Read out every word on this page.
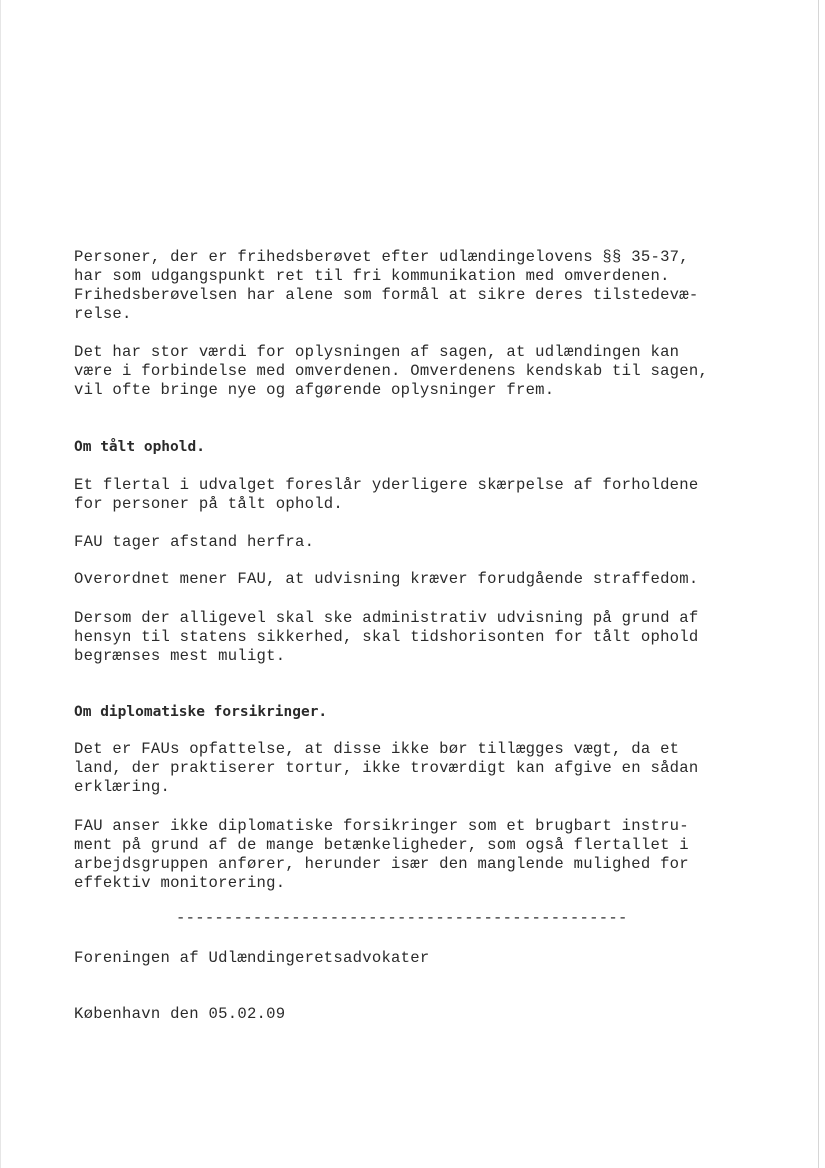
Personer, der er frihedsberøvet efter udlændingelovens §§ 35-37,
har som udgangspunkt ret til fri kommunikation med omverdenen.
Frihedsberøvelsen har alene som formål at sikre deres tilstedevæ-
relse.

Det har stor værdi for oplysningen af sagen, at udlændingen kan
være i forbindelse med omverdenen. Omverdenens kendskab til sagen,
vil ofte bringe nye og afgørende oplysninger frem.

Om tålt ophold.

Et flertal i udvalget foreslår yderligere skærpelse af forholdene
for personer på tålt ophold.

FAU tager afstand herfra.

Overordnet mener FAU, at udvisning kræver forudgående straffedom.

Dersom der alligevel skal ske administrativ udvisning på grund af
hensyn til statens sikkerhed, skal tidshorisonten for tålt ophold
begrænses mest muligt.

Om diplomatiske forsikringer.

Det er FAUs opfattelse, at disse ikke bør tillægges vægt, da et
land, der praktiserer tortur, ikke troværdigt kan afgive en sådan
erklæring.

FAU anser ikke diplomatiske forsikringer som et brugbart instru-
ment på grund af de mange betænkeligheder, som også flertallet i
arbejdsgruppen anfører, herunder især den manglende mulighed for
effektiv monitorering.

-----------------------------------------------

Foreningen af Udlændingeretsadvokater

København den 05.02.09
